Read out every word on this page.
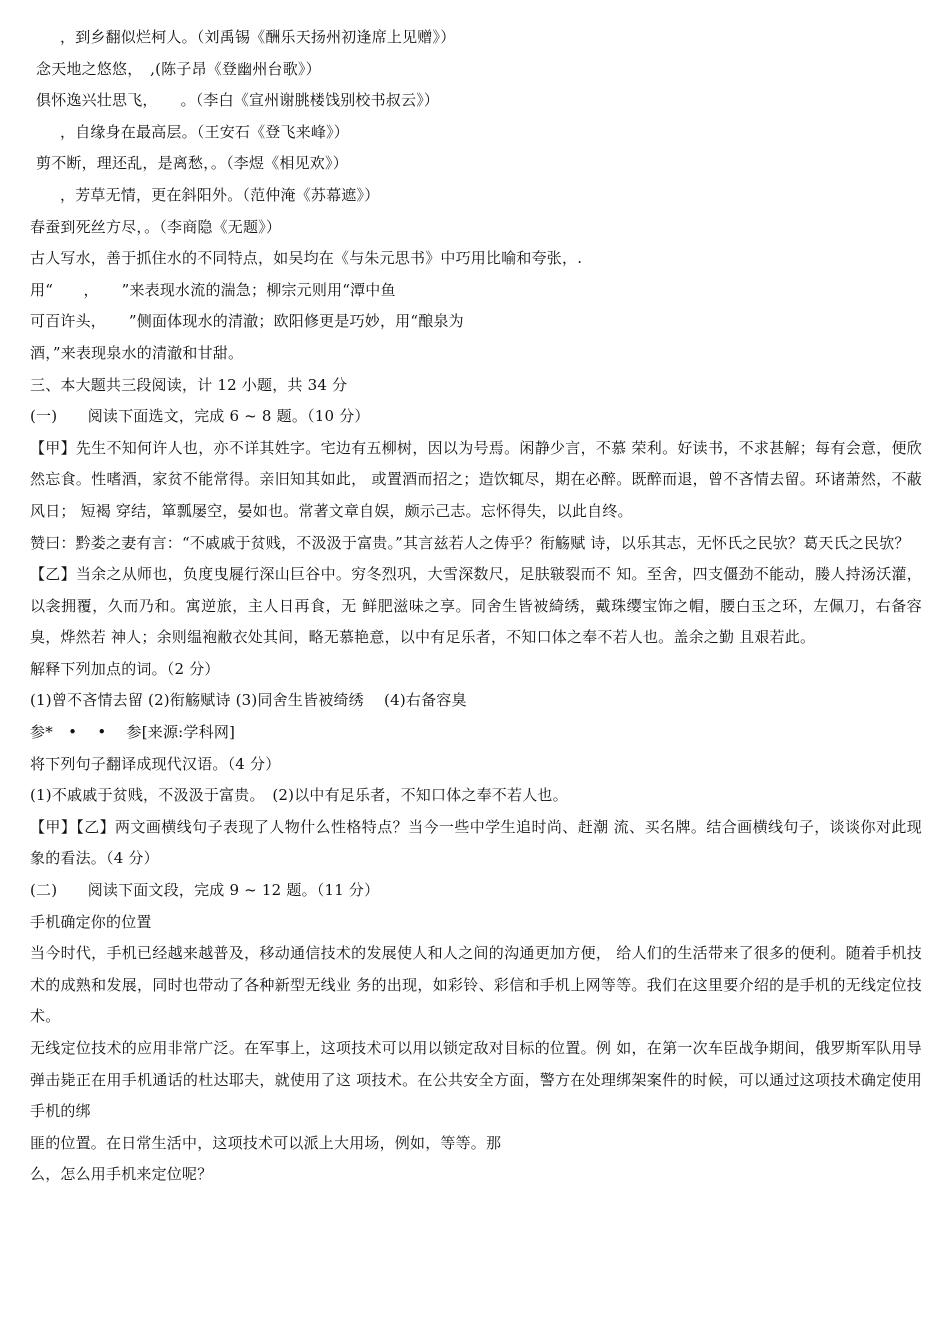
，到乡翻似烂柯人。（刘禹锡《酬乐天扬州初逢席上见赠》）
念天地之悠悠，　,(陈子昂《登幽州台歌》）
俱怀逸兴壮思飞，　　。（李白《宣州谢朓楼饯别校书叔云》）
，自缘身在最高层。（王安石《登飞来峰》）
剪不断，理还乱，是离愁，。（李煜《相见欢》）
，芳草无情，更在斜阳外。（范仲淹《苏幕遮》）
春蚕到死丝方尽，。（李商隐《无题》）
古人写水，善于抓住水的不同特点，如吴均在《与朱元思书》中巧用比喻和夸张，.
用“　　，　　”来表现水流的湍急；柳宗元则用“潭中鱼
可百许头，　　”侧面体现水的清澈；欧阳修更是巧妙，用“酿泉为
酒，”来表现泉水的清澈和甘甜。
三、本大题共三段阅读，计 12 小题，共 34 分
(一)　　阅读下面选文，完成 6 ~ 8 题。（10 分）
【甲】先生不知何许人也，亦不详其姓字。宅边有五柳树，因以为号焉。闲静少言，不慕 荣利。好读书，不求甚解；每有会意，便欣然忘食。性嗜酒，家贫不能常得。亲旧知其如此， 或置酒而招之；造饮辄尽，期在必醉。既醉而退，曾不吝情去留。环诸萧然，不蔽风日； 短褐 穿结，箪瓢屡空，晏如也。常著文章自娱，颇示己志。忘怀得失，以此自终。
赞曰：黔娄之妻有言：“不戚戚于贫贱，不汲汲于富贵。”其言兹若人之俦乎？衔觞赋 诗，以乐其志，无怀氏之民欤？葛天氏之民欤？
【乙】当余之从师也，负度曳屣行深山巨谷中。穷冬烈巩，大雪深数尺，足肤皲裂而不 知。至舍，四支僵劲不能动，媵人持汤沃灌，以衾拥覆，久而乃和。寓逆旅，主人日再食，无 鲜肥滋味之享。同舍生皆被綺绣，戴珠缨宝饰之帽，腰白玉之环，左佩刀，右备容臭，烨然若 神人；余则缊袍敝衣处其间，略无慕艳意，以中有足乐者，不知口体之奉不若人也。盖余之勤 且艰若此。
解释下列加点的词。（2 分）
(1)曾不吝情去留 (2)衔觞赋诗 (3)同舍生皆被绮绣　 (4)右备容臭
参*　•　 •　 参[来源:学科网]
将下列句子翻译成现代汉语。（4 分）
(1)不戚戚于贫贱，不汲汲于富贵。　(2)以中有足乐者，不知口体之奉不若人也。
【甲】【乙】两文画横线句子表现了人物什么性格特点？当今一些中学生追时尚、赶潮 流、买名牌。结合画横线句子，谈谈你对此现象的看法。（4 分）
(二)　　阅读下面文段，完成 9 ~ 12 题。（11 分）
手机确定你的位置
当今时代，手机已经越来越普及，移动通信技术的发展使人和人之间的沟通更加方便， 给人们的生活带来了很多的便利。随着手机技术的成熟和发展，同时也带动了各种新型无线业 务的出现，如彩铃、彩信和手机上网等等。我们在这里要介绍的是手机的无线定位技术。
无线定位技术的应用非常广泛。在军事上，这项技术可以用以锁定敌对目标的位置。例 如，在第一次车臣战争期间，俄罗斯军队用导弹击毙正在用手机通话的杜达耶夫，就使用了这 项技术。在公共安全方面，警方在处理绑架案件的时候，可以通过这项技术确定使用手机的绑
匪的位置。在日常生活中，这项技术可以派上大用场，例如，等等。那
么，怎么用手机来定位呢？
